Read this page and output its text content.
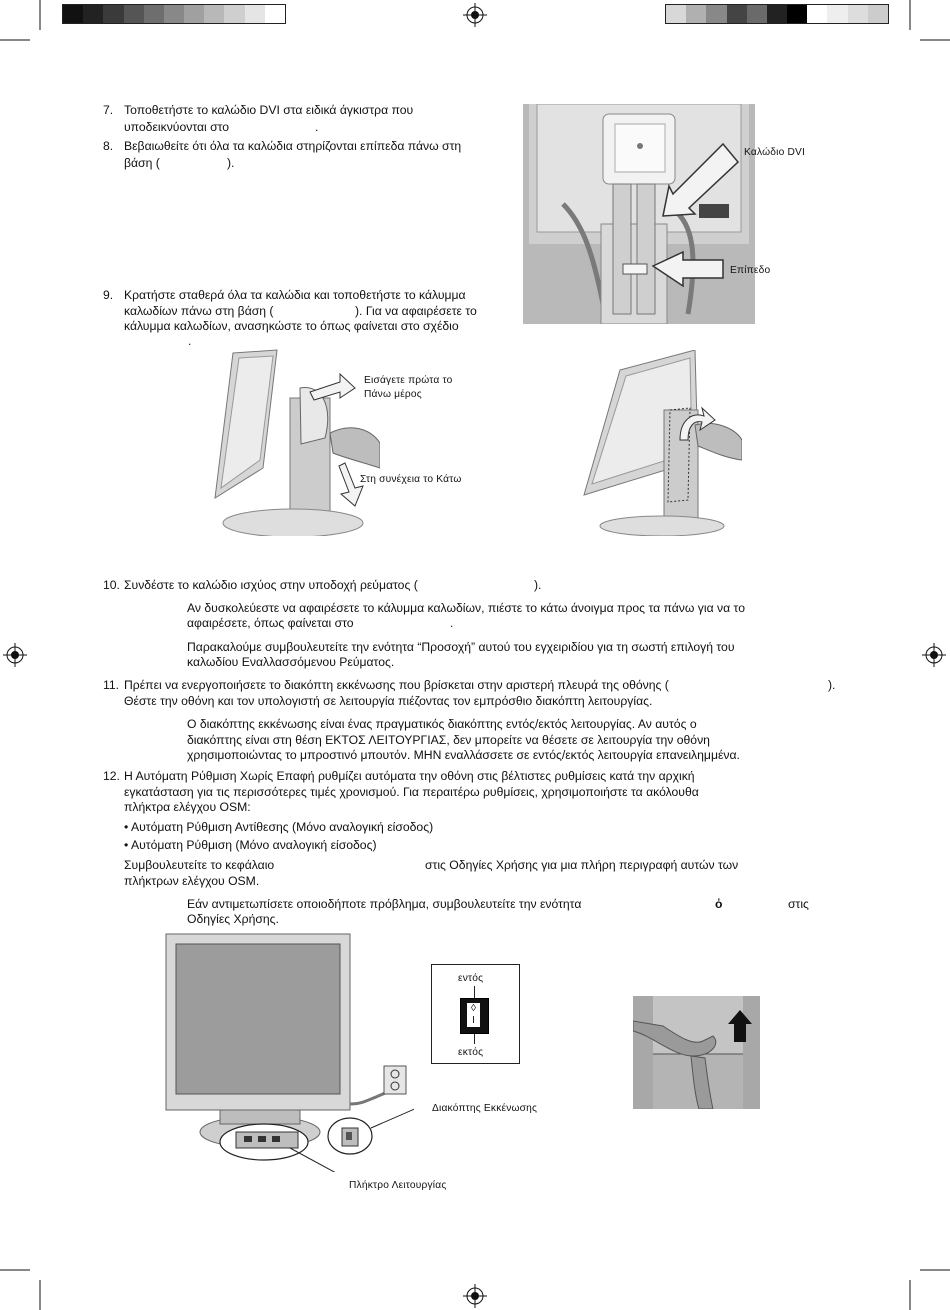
7. Τοποθετήστε το καλώδιο DVI στα ειδικά άγκιστρα που
υποδεικνύονται στο	.
8. Βεβαιωθείτε ότι όλα τα καλώδια στηρίζονται επίπεδα πάνω στη
βάση (	).
Καλώδιο DVI
Επίπεδο
9. Κρατήστε σταθερά όλα τα καλώδια και τοποθετήστε το κάλυμμα
καλωδίων πάνω στη βάση (	). Για να αφαιρέσετε το
κάλυμμα καλωδίων, ανασηκώστε το όπως φαίνεται στο σχέδιο
.
Εισάγετε πρώτα το
Πάνω μέρος
Στη συνέχεια το Κάτω
10. Συνδέστε το καλώδιο ισχύος στην υποδοχή ρεύματος (	).
Αν δυσκολεύεστε να αφαιρέσετε το κάλυμμα καλωδίων, πιέστε το κάτω άνοιγμα προς τα πάνω για να το
αφαιρέσετε, όπως φαίνεται στο	.
Παρακαλούμε συμβουλευτείτε την ενότητα “Προσοχή” αυτού του εγχειριδίου για τη σωστή επιλογή του
καλωδίου Εναλλασσόμενου Ρεύματος.
11. Πρέπει να ενεργοποιήσετε το διακόπτη εκκένωσης που βρίσκεται στην αριστερή πλευρά της οθόνης (	).
Θέστε την οθόνη και τον υπολογιστή σε λειτουργία πιέζοντας τον εμπρόσθιο διακόπτη λειτουργίας.
Ο διακόπτης εκκένωσης είναι ένας πραγματικός διακόπτης εντός/εκτός λειτουργίας. Αν αυτός ο
διακόπτης είναι στη θέση ΕΚΤΟΣ ΛΕΙΤΟΥΡΓΙΑΣ, δεν μπορείτε να θέσετε σε λειτουργία την οθόνη
χρησιμοποιώντας το μπροστινό μπουτόν. ΜΗΝ εναλλάσσετε σε εντός/εκτός λειτουργία επανειλημμένα.
12. Η Αυτόματη Ρύθμιση Χωρίς Επαφή ρυθμίζει αυτόματα την οθόνη στις βέλτιστες ρυθμίσεις κατά την αρχική
εγκατάσταση για τις περισσότερες τιμές χρονισμού. Για περαιτέρω ρυθμίσεις, χρησιμοποιήστε τα ακόλουθα
πλήκτρα ελέγχου OSM:
• Αυτόματη Ρύθμιση Αντίθεσης (Μόνο αναλογική είσοδος)
• Αυτόματη Ρύθμιση (Μόνο αναλογική είσοδος)
Συμβουλευτείτε το κεφάλαιο	στις Οδηγίες Χρήσης για μια πλήρη περιγραφή αυτών των
πλήκτρων ελέγχου OSM.
Εάν αντιμετωπίσετε οποιοδήποτε πρόβλημα, συμβουλευτείτε την ενότητα	ὀ	στις
Οδηγίες Χρήσης.
Διακόπτης Εκκένωσης
Πλήκτρο Λειτουργίας
εντός
εκτός
◊
I
